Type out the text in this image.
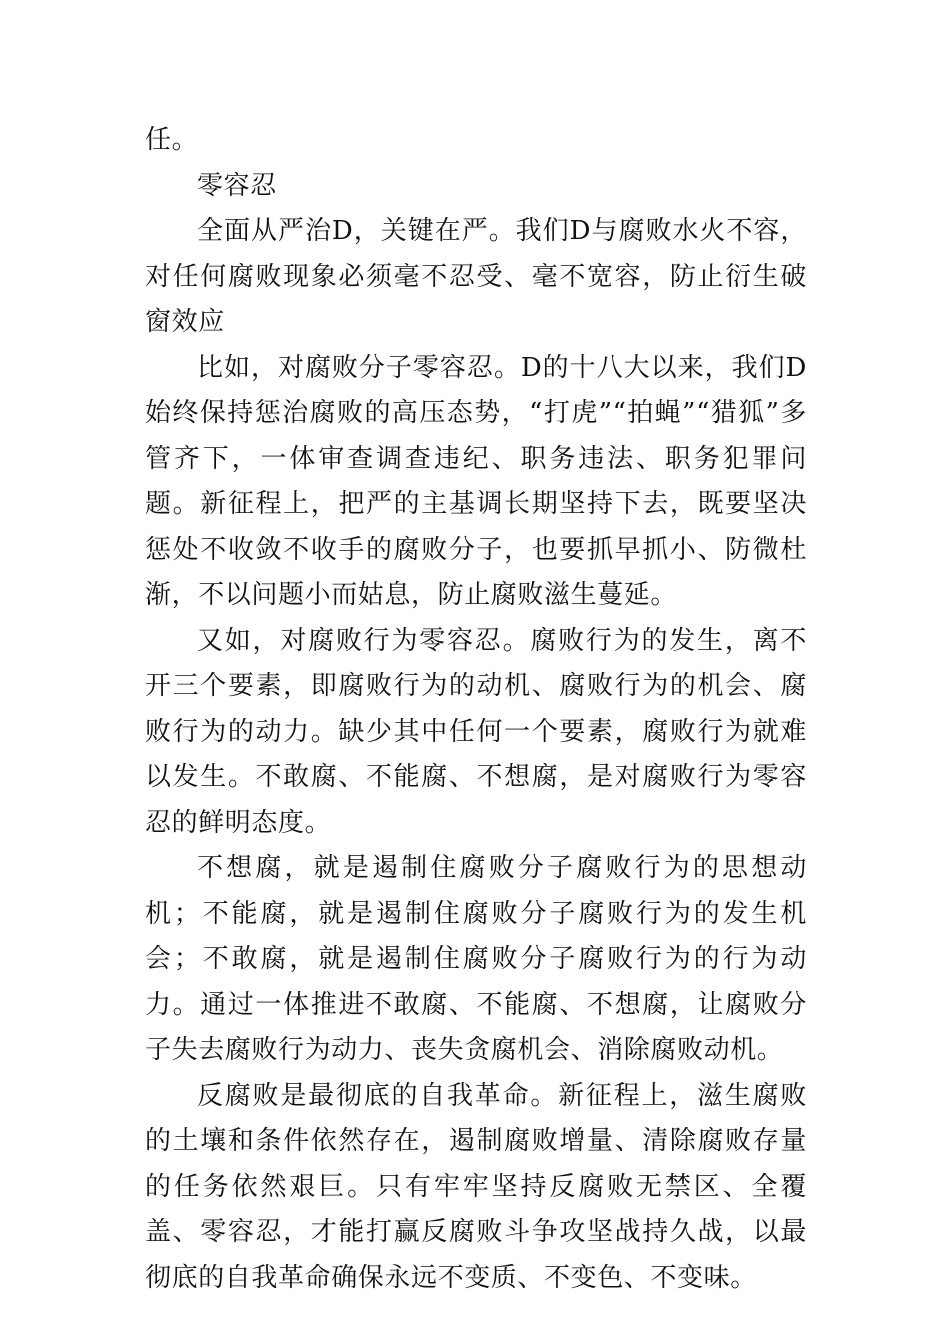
任。

零容忍

全面从严治D，关键在严。我们D与腐败水火不容，对任何腐败现象必须毫不忍受、毫不宽容，防止衍生破窗效应

比如，对腐败分子零容忍。D的十八大以来，我们D始终保持惩治腐败的高压态势，“打虎”“拍蝇”“猎狐”多管齐下，一体审查调查违纪、职务违法、职务犯罪问题。新征程上，把严的主基调长期坚持下去，既要坚决惩处不收敛不收手的腐败分子，也要抓早抓小、防微杜渐，不以问题小而姑息，防止腐败滋生蔓延。

又如，对腐败行为零容忍。腐败行为的发生，离不开三个要素，即腐败行为的动机、腐败行为的机会、腐败行为的动力。缺少其中任何一个要素，腐败行为就难以发生。不敢腐、不能腐、不想腐，是对腐败行为零容忍的鲜明态度。

不想腐，就是遏制住腐败分子腐败行为的思想动机；不能腐，就是遏制住腐败分子腐败行为的发生机会；不敢腐，就是遏制住腐败分子腐败行为的行为动力。通过一体推进不敢腐、不能腐、不想腐，让腐败分子失去腐败行为动力、丧失贪腐机会、消除腐败动机。

反腐败是最彻底的自我革命。新征程上，滋生腐败的土壤和条件依然存在，遏制腐败增量、清除腐败存量的任务依然艰巨。只有牢牢坚持反腐败无禁区、全覆盖、零容忍，才能打赢反腐败斗争攻坚战持久战，以最彻底的自我革命确保永远不变质、不变色、不变味。
